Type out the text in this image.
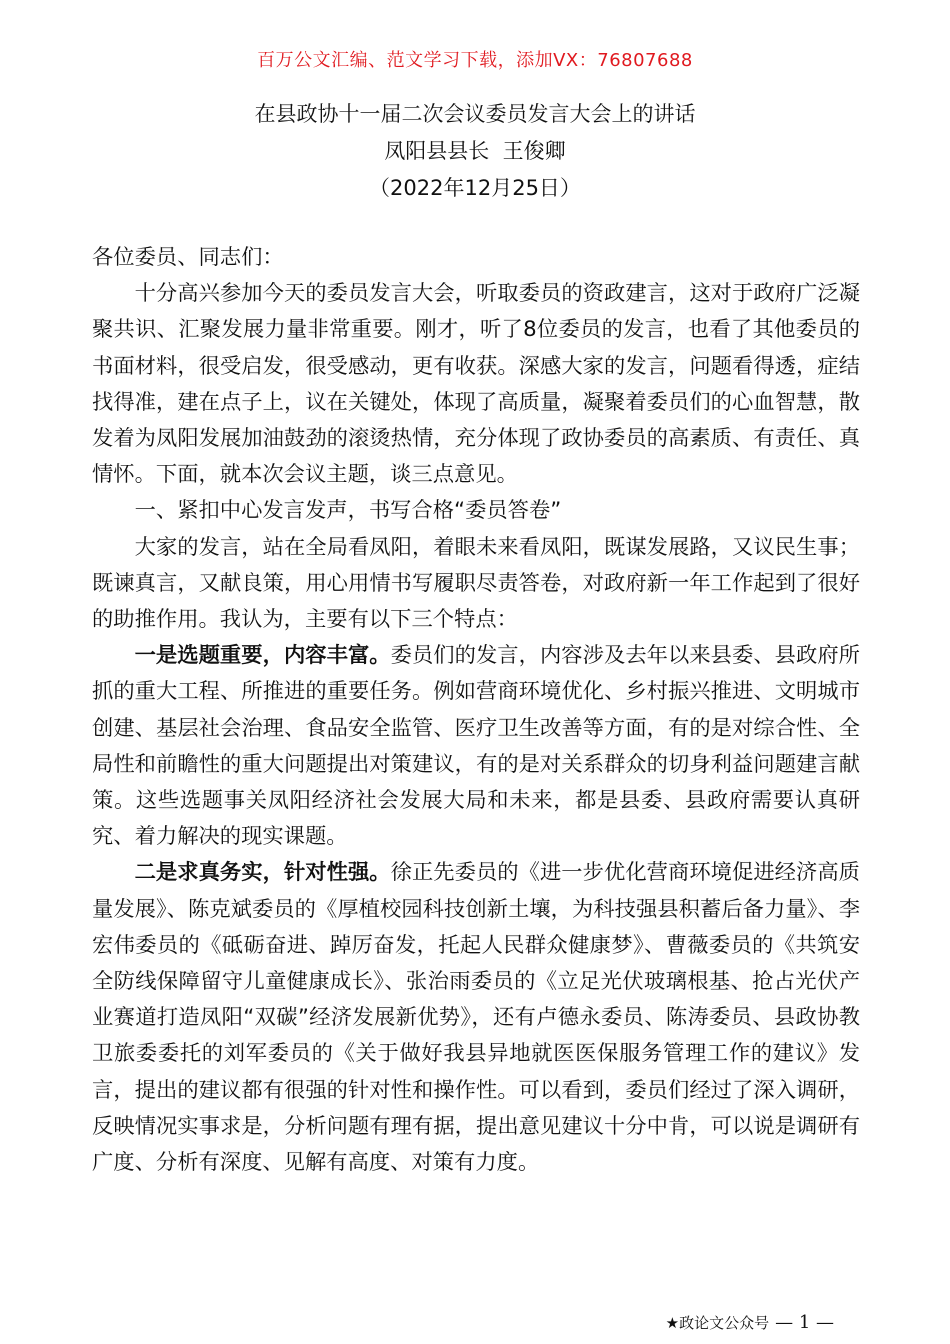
百万公文汇编、范文学习下载，添加VX：76807688
在县政协十一届二次会议委员发言大会上的讲话
凤阳县县长  王俊卿
（2022年12月25日）

各位委员、同志们：

十分高兴参加今天的委员发言大会，听取委员的资政建言，这对于政府广泛凝聚共识、汇聚发展力量非常重要。刚才，听了8位委员的发言，也看了其他委员的书面材料，很受启发，很受感动，更有收获。深感大家的发言，问题看得透，症结找得准，建在点子上，议在关键处，体现了高质量，凝聚着委员们的心血智慧，散发着为凤阳发展加油鼓劲的滚烫热情，充分体现了政协委员的高素质、有责任、真情怀。下面，就本次会议主题，谈三点意见。

一、紧扣中心发言发声，书写合格“委员答卷”

大家的发言，站在全局看凤阳，着眼未来看凤阳，既谋发展路，又议民生事；既谏真言，又献良策，用心用情书写履职尽责答卷，对政府新一年工作起到了很好的助推作用。我认为，主要有以下三个特点：

一是选题重要，内容丰富。委员们的发言，内容涉及去年以来县委、县政府所抓的重大工程、所推进的重要任务。例如营商环境优化、乡村振兴推进、文明城市创建、基层社会治理、食品安全监管、医疗卫生改善等方面，有的是对综合性、全局性和前瞻性的重大问题提出对策建议，有的是对关系群众的切身利益问题建言献策。这些选题事关凤阳经济社会发展大局和未来，都是县委、县政府需要认真研究、着力解决的现实课题。

二是求真务实，针对性强。徐正先委员的《进一步优化营商环境促进经济高质量发展》、陈克斌委员的《厚植校园科技创新土壤，为科技强县积蓄后备力量》、李宏伟委员的《砥砺奋进、踔厉奋发，托起人民群众健康梦》、曹薇委员的《共筑安全防线保障留守儿童健康成长》、张治雨委员的《立足光伏玻璃根基、抢占光伏产业赛道打造凤阳“双碳”经济发展新优势》，还有卢德永委员、陈涛委员、县政协教卫旅委委托的刘军委员的《关于做好我县异地就医医保服务管理工作的建议》发言，提出的建议都有很强的针对性和操作性。可以看到，委员们经过了深入调研，反映情况实事求是，分析问题有理有据，提出意见建议十分中肯，可以说是调研有广度、分析有深度、见解有高度、对策有力度。

★政论文公众号 — 1 —
